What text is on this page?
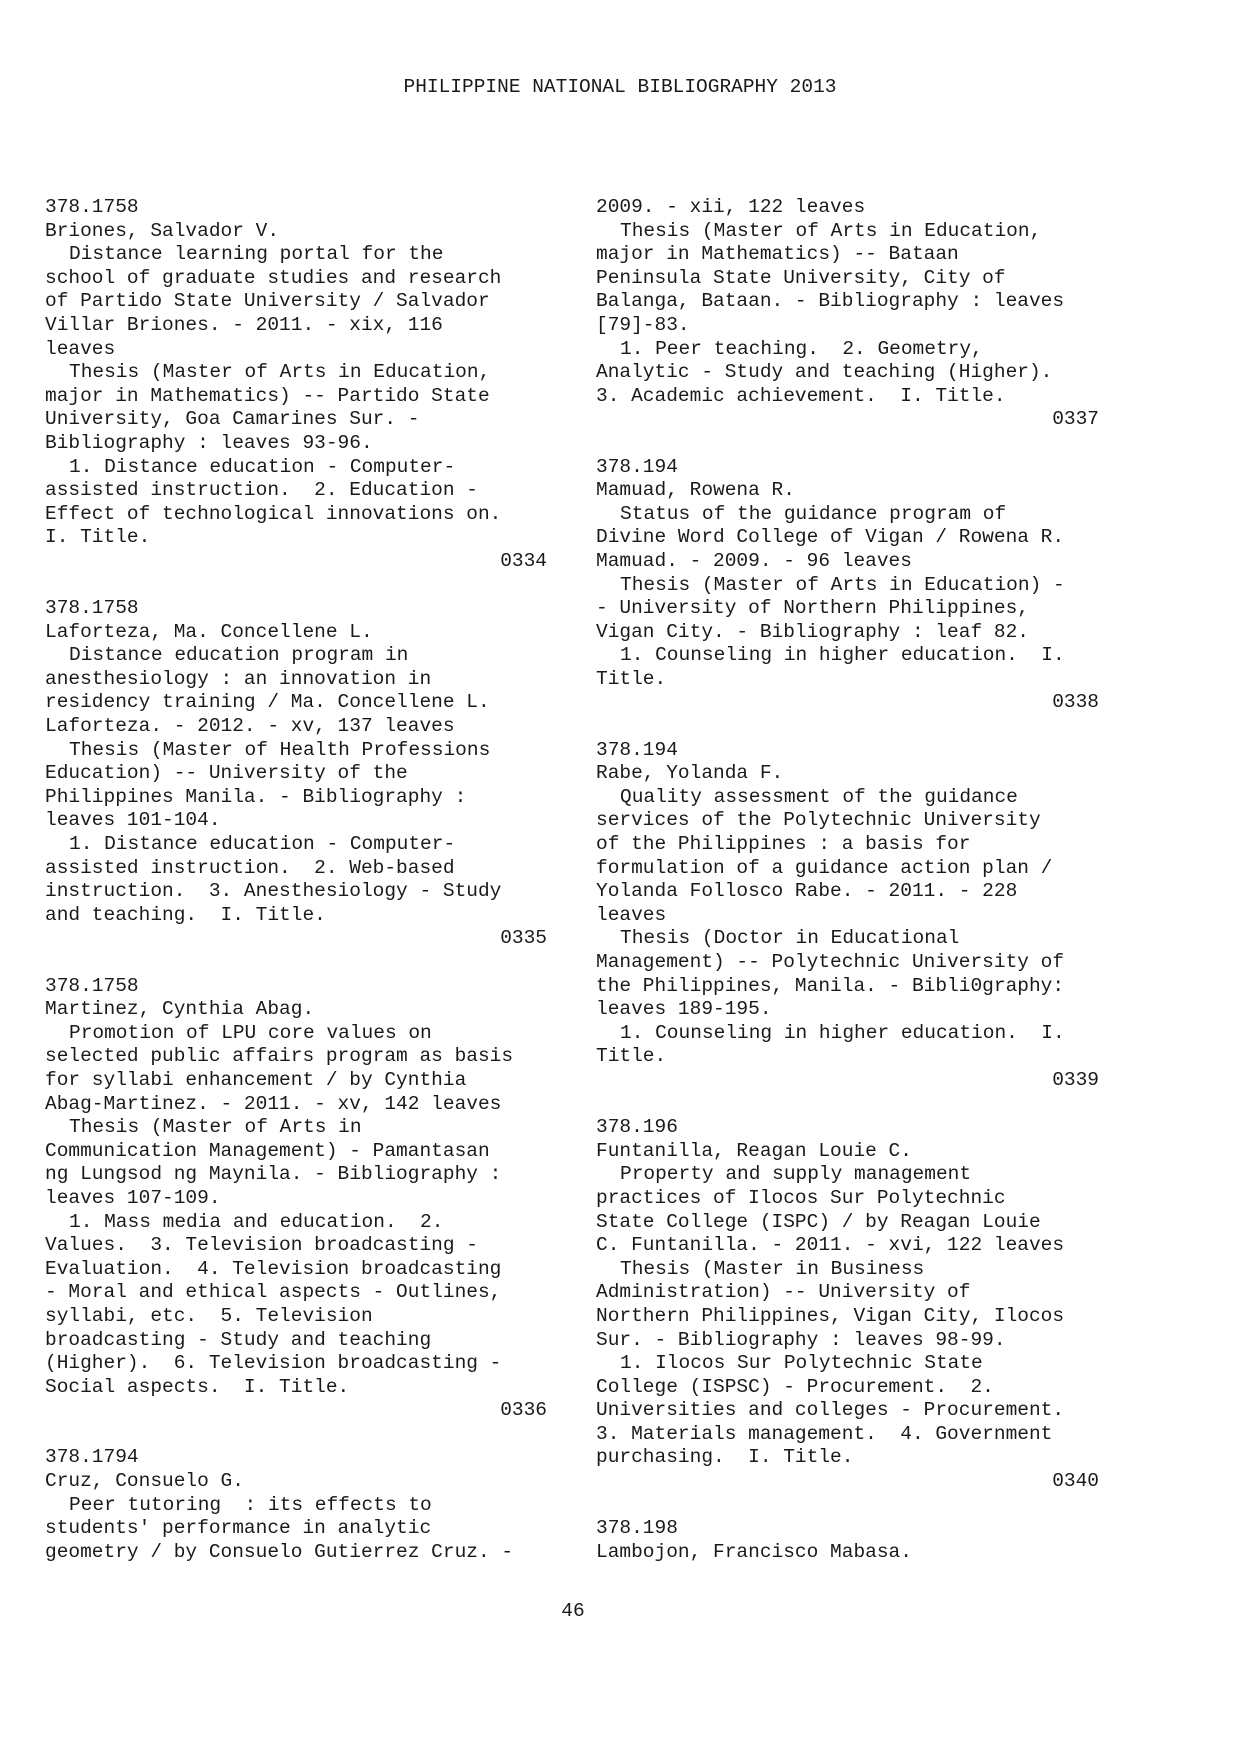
PHILIPPINE NATIONAL BIBLIOGRAPHY 2013

378.1758
Briones, Salvador V.
Distance learning portal for the
school of graduate studies and research
of Partido State University / Salvador
Villar Briones. - 2011. - xix, 116
leaves
Thesis (Master of Arts in Education,
major in Mathematics) -- Partido State
University, Goa Camarines Sur. -
Bibliography : leaves 93-96.
1. Distance education - Computer-
assisted instruction.  2. Education -
Effect of technological innovations on.
I. Title.
0334
378.1758
Laforteza, Ma. Concellene L.
Distance education program in
anesthesiology : an innovation in
residency training / Ma. Concellene L.
Laforteza. - 2012. - xv, 137 leaves
Thesis (Master of Health Professions
Education) -- University of the
Philippines Manila. - Bibliography :
leaves 101-104.
1. Distance education - Computer-
assisted instruction.  2. Web-based
instruction.  3. Anesthesiology - Study
and teaching.  I. Title.
0335
378.1758
Martinez, Cynthia Abag.
Promotion of LPU core values on
selected public affairs program as basis
for syllabi enhancement / by Cynthia
Abag-Martinez. - 2011. - xv, 142 leaves
Thesis (Master of Arts in
Communication Management) - Pamantasan
ng Lungsod ng Maynila. - Bibliography :
leaves 107-109.
1. Mass media and education.  2.
Values.  3. Television broadcasting -
Evaluation.  4. Television broadcasting
- Moral and ethical aspects - Outlines,
syllabi, etc.  5. Television
broadcasting - Study and teaching
(Higher).  6. Television broadcasting -
Social aspects.  I. Title.
0336
378.1794
Cruz, Consuelo G.
Peer tutoring  : its effects to
students' performance in analytic
geometry / by Consuelo Gutierrez Cruz. -

2009. - xii, 122 leaves
Thesis (Master of Arts in Education,
major in Mathematics) -- Bataan
Peninsula State University, City of
Balanga, Bataan. - Bibliography : leaves
[79]-83.
1. Peer teaching.  2. Geometry,
Analytic - Study and teaching (Higher).
3. Academic achievement.  I. Title.
0337
378.194
Mamuad, Rowena R.
Status of the guidance program of
Divine Word College of Vigan / Rowena R.
Mamuad. - 2009. - 96 leaves
Thesis (Master of Arts in Education) -
- University of Northern Philippines,
Vigan City. - Bibliography : leaf 82.
1. Counseling in higher education.  I.
Title.
0338
378.194
Rabe, Yolanda F.
Quality assessment of the guidance
services of the Polytechnic University
of the Philippines : a basis for
formulation of a guidance action plan /
Yolanda Follosco Rabe. - 2011. - 228
leaves
Thesis (Doctor in Educational
Management) -- Polytechnic University of
the Philippines, Manila. - Bibli0graphy:
leaves 189-195.
1. Counseling in higher education.  I.
Title.
0339
378.196
Funtanilla, Reagan Louie C.
Property and supply management
practices of Ilocos Sur Polytechnic
State College (ISPC) / by Reagan Louie
C. Funtanilla. - 2011. - xvi, 122 leaves
Thesis (Master in Business
Administration) -- University of
Northern Philippines, Vigan City, Ilocos
Sur. - Bibliography : leaves 98-99.
1. Ilocos Sur Polytechnic State
College (ISPSC) - Procurement.  2.
Universities and colleges - Procurement.
3. Materials management.  4. Government
purchasing.  I. Title.
0340
378.198
Lambojon, Francisco Mabasa.

46
